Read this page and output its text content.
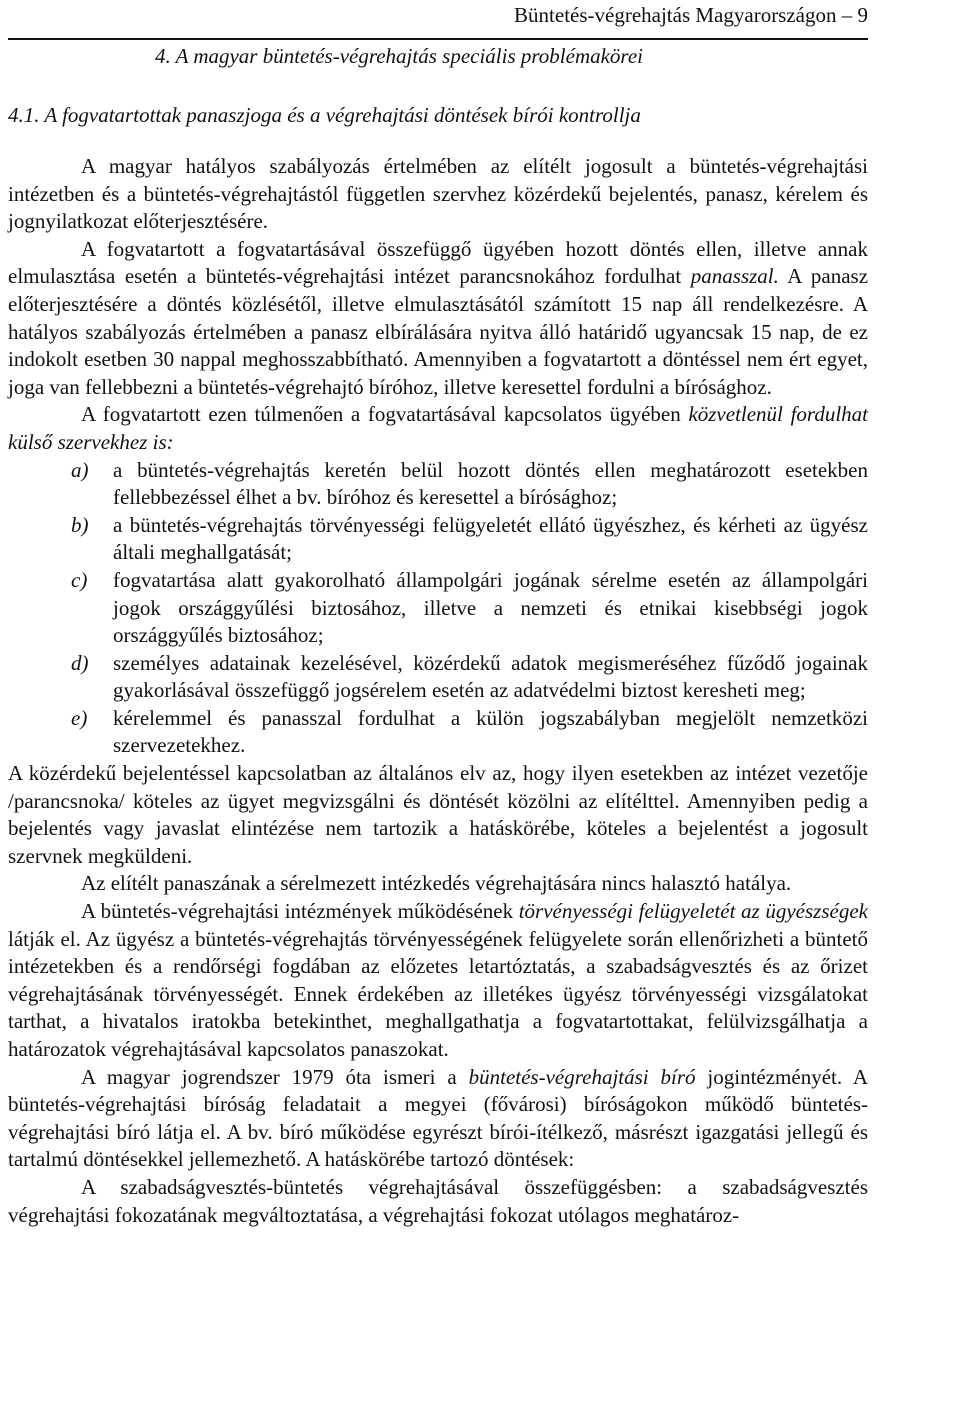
Büntetés-végrehajtás Magyarországon – 9
4. A magyar büntetés-végrehajtás speciális problémakörei
4.1. A fogvatartottak panaszjoga és a végrehajtási döntések bírói kontrollja

A magyar hatályos szabályozás értelmében az elítélt jogosult a büntetés-végrehajtási intézetben és a büntetés-végrehajtástól független szervhez közérdekű bejelentés, panasz, kérelem és jognyilatkozat előterjesztésére.

A fogvatartott a fogvatartásával összefüggő ügyében hozott döntés ellen, illetve annak elmulasztása esetén a büntetés-végrehajtási intézet parancsnokához fordulhat panasszal. A panasz előterjesztésére a döntés közlésétől, illetve elmulasztásától számított 15 nap áll rendelkezésre. A hatályos szabályozás értelmében a panasz elbírálására nyitva álló határidő ugyancsak 15 nap, de ez indokolt esetben 30 nappal meghosszabbítható. Amennyiben a fogvatartott a döntéssel nem ért egyet, joga van fellebbezni a büntetés-végrehajtó bíróhoz, illetve keresettel fordulni a bírósághoz.

A fogvatartott ezen túlmenően a fogvatartásával kapcsolatos ügyében közvetlenül fordulhat külső szervekhez is:

a) a büntetés-végrehajtás keretén belül hozott döntés ellen meghatározott esetekben fellebbezéssel élhet a bv. bíróhoz és keresettel a bírósághoz;
b) a büntetés-végrehajtás törvényességi felügyeletét ellátó ügyészhez, és kérheti az ügyész általi meghallgatását;
c) fogvatartása alatt gyakorolható állampolgári jogának sérelme esetén az állampolgári jogok országgyűlési biztosához, illetve a nemzeti és etnikai kisebbségi jogok országgyűlés biztosához;
d) személyes adatainak kezelésével, közérdekű adatok megismeréséhez fűződő jogainak gyakorlásával összefüggő jogsérelem esetén az adatvédelmi biztost keresheti meg;
e) kérelemmel és panasszal fordulhat a külön jogszabályban megjelölt nemzetközi szervezetekhez.

A közérdekű bejelentéssel kapcsolatban az általános elv az, hogy ilyen esetekben az intézet vezetője /parancsnoka/ köteles az ügyet megvizsgálni és döntését közölni az elítélttel. Amennyiben pedig a bejelentés vagy javaslat elintézése nem tartozik a hatáskörébe, köteles a bejelentést a jogosult szervnek megküldeni.

Az elítélt panaszának a sérelmezett intézkedés végrehajtására nincs halasztó hatálya.

A büntetés-végrehajtási intézmények működésének törvényességi felügyeletét az ügyészségek látják el. Az ügyész a büntetés-végrehajtás törvényességének felügyelete során ellenőrizheti a büntető intézetekben és a rendőrségi fogdában az előzetes letartóztatás, a szabadságvesztés és az őrizet végrehajtásának törvényességét. Ennek érdekében az illetékes ügyész törvényességi vizsgálatokat tarthat, a hivatalos iratokba betekinthet, meghallgathatja a fogvatartottakat, felülvizsgálhatja a határozatok végrehajtásával kapcsolatos panaszokat.

A magyar jogrendszer 1979 óta ismeri a büntetés-végrehajtási bíró jogintézményét. A büntetés-végrehajtási bíróság feladatait a megyei (fővárosi) bíróságokon működő büntetés-végrehajtási bíró látja el. A bv. bíró működése egyrészt bírói-ítélkező, másrészt igazgatási jellegű és tartalmú döntésekkel jellemezhető. A hatáskörébe tartozó döntések:

A szabadságvesztés-büntetés végrehajtásával összefüggésben: a szabadságvesztés végrehajtási fokozatának megváltoztatása, a végrehajtási fokozat utólagos meghatároz-
